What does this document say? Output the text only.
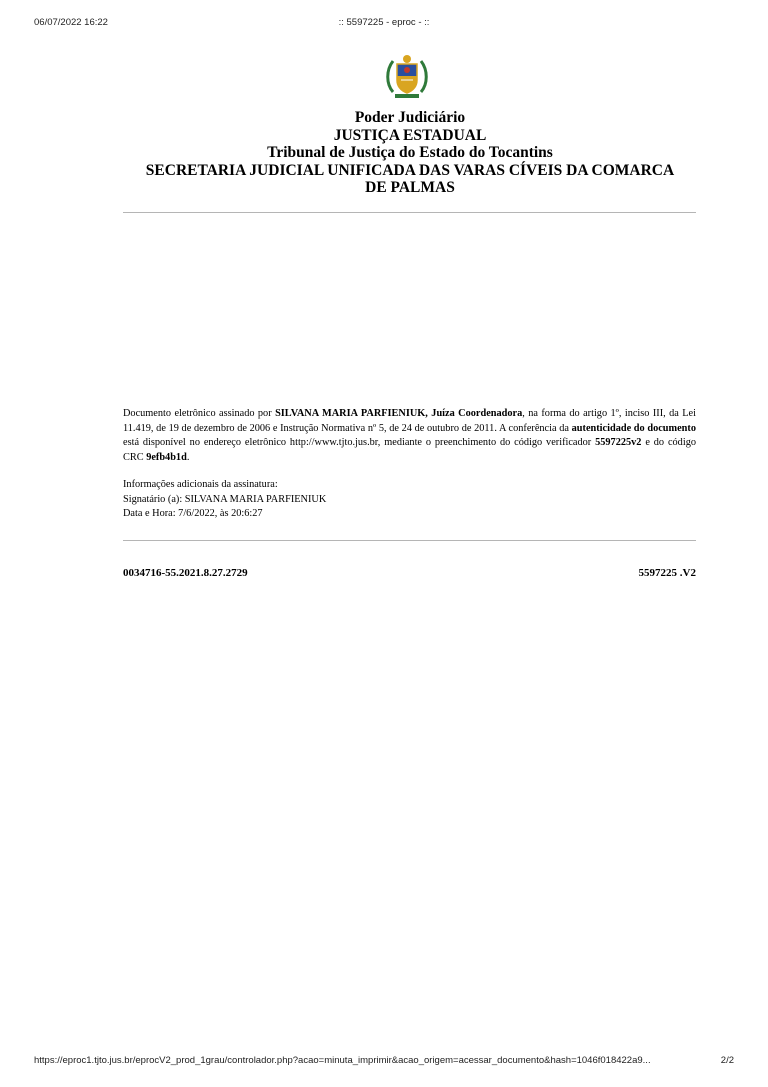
06/07/2022 16:22	:: 5597225 - eproc - ::
Poder Judiciário
JUSTIÇA ESTADUAL
Tribunal de Justiça do Estado do Tocantins
SECRETARIA JUDICIAL UNIFICADA DAS VARAS CÍVEIS DA COMARCA
DE PALMAS
Documento eletrônico assinado por SILVANA MARIA PARFIENIUK, Juíza Coordenadora, na forma do artigo 1º, inciso III, da Lei 11.419, de 19 de dezembro de 2006 e Instrução Normativa nº 5, de 24 de outubro de 2011. A conferência da autenticidade do documento está disponível no endereço eletrônico http://www.tjto.jus.br, mediante o preenchimento do código verificador 5597225v2 e do código CRC 9efb4b1d.
Informações adicionais da assinatura:
Signatário (a): SILVANA MARIA PARFIENIUK
Data e Hora: 7/6/2022, às 20:6:27
0034716-55.2021.8.27.2729	5597225 .V2
https://eproc1.tjto.jus.br/eprocV2_prod_1grau/controlador.php?acao=minuta_imprimir&acao_origem=acessar_documento&hash=1046f018422a9...	2/2
